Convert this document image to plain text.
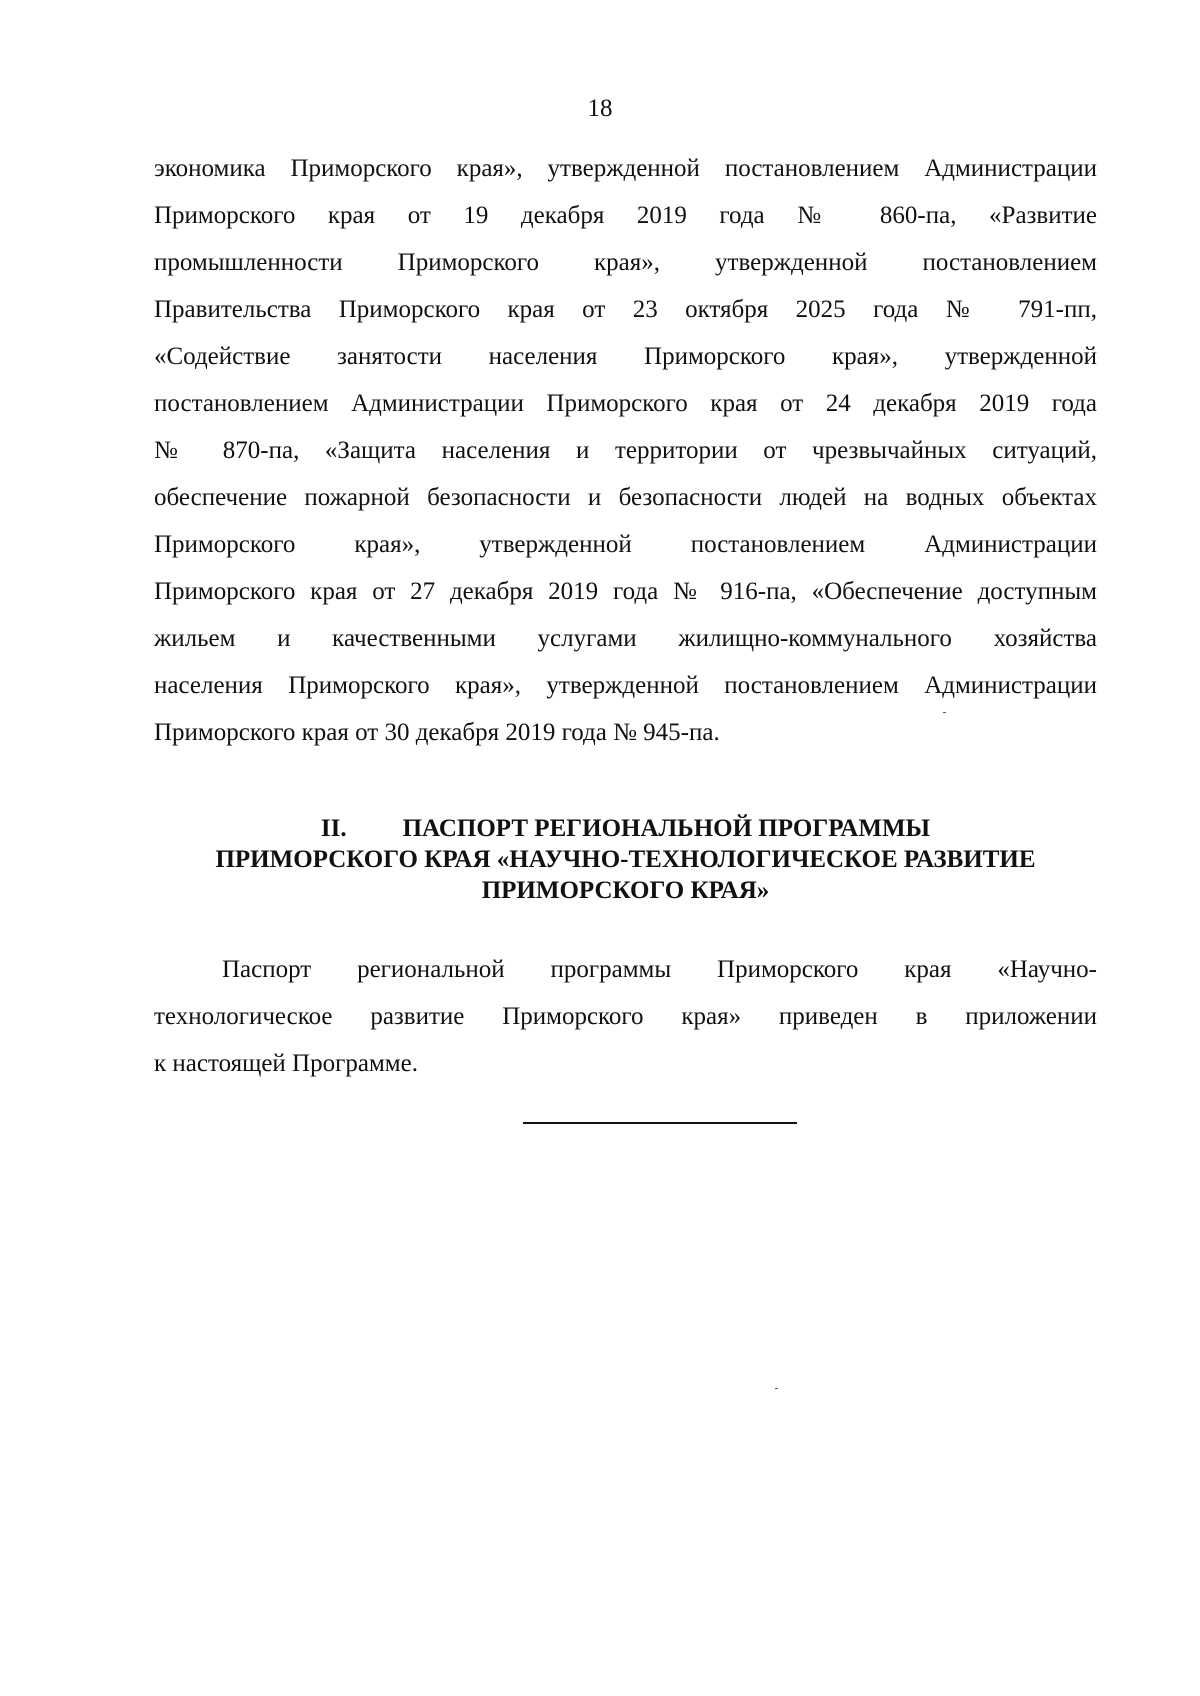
18
экономика Приморского края», утвержденной постановлением Администрации
Приморского края от 19 декабря 2019 года № 860-па, «Развитие
промышленности Приморского края», утвержденной постановлением
Правительства Приморского края от 23 октября 2025 года № 791-пп,
«Содействие занятости населения Приморского края», утвержденной
постановлением Администрации Приморского края от 24 декабря 2019 года
№ 870-па, «Защита населения и территории от чрезвычайных ситуаций,
обеспечение пожарной безопасности и безопасности людей на водных объектах
Приморского края», утвержденной постановлением Администрации
Приморского края от 27 декабря 2019 года № 916-па, «Обеспечение доступным
жильем и качественными услугами жилищно-коммунального хозяйства
населения Приморского края», утвержденной постановлением Администрации
Приморского края от 30 декабря 2019 года № 945-па.
II. ПАСПОРТ РЕГИОНАЛЬНОЙ ПРОГРАММЫ
ПРИМОРСКОГО КРАЯ «НАУЧНО-ТЕХНОЛОГИЧЕСКОЕ РАЗВИТИЕ
ПРИМОРСКОГО КРАЯ»
Паспорт региональной программы Приморского края «Научно-
технологическое развитие Приморского края» приведен в приложении
к настоящей Программе.
